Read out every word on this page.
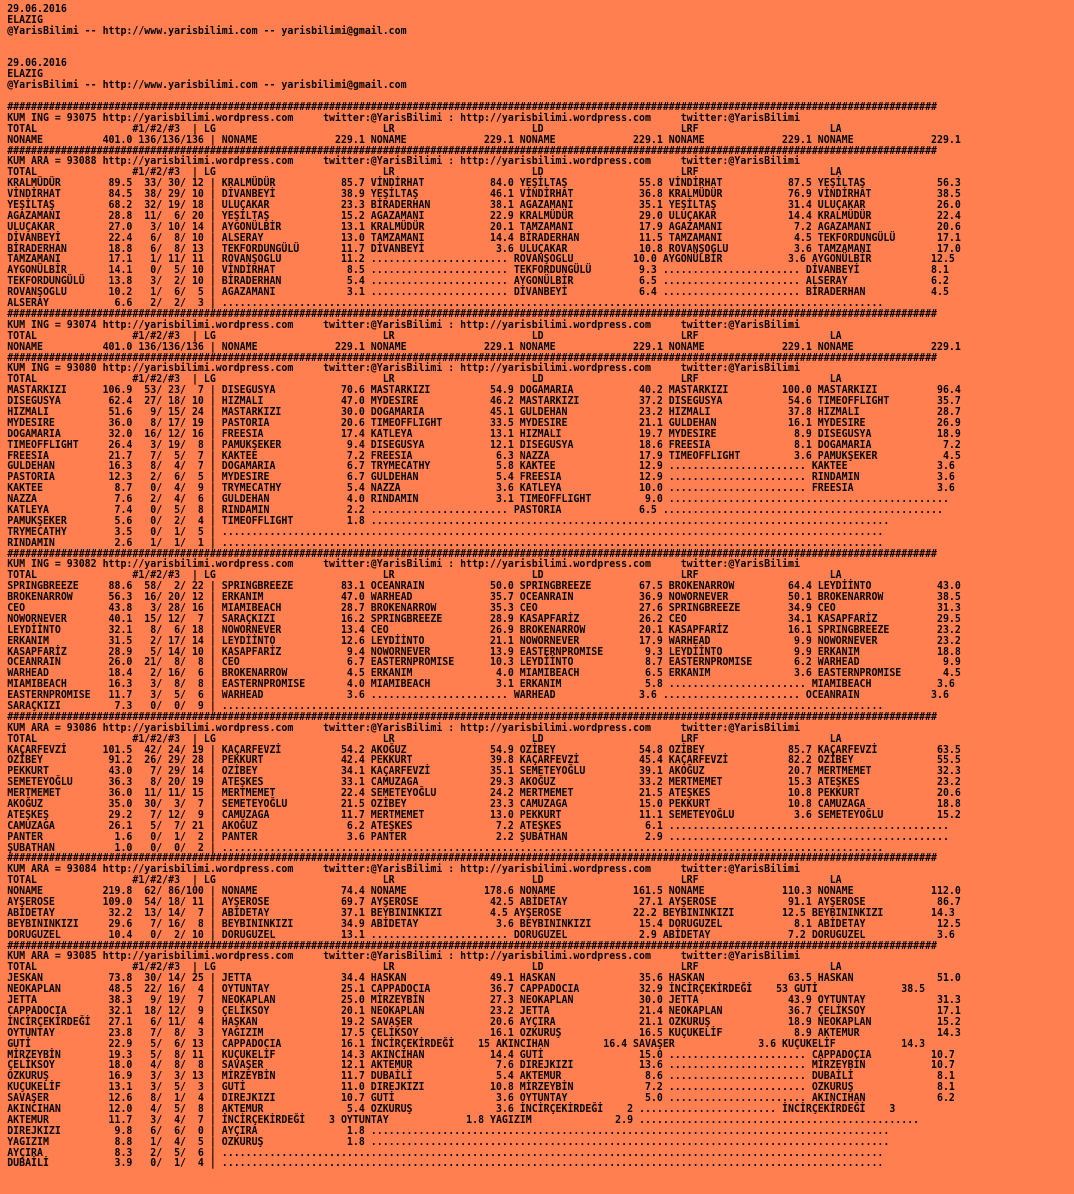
29.06.2016
ELAZIG
@YarisBilimi -- http://www.yarisbilimi.com -- yarisbilimi@gmail.com

29.06.2016
ELAZIG
@YarisBilimi -- http://www.yarisbilimi.com -- yarisbilimi@gmail.com

############################################################################################################################################################
KUM ING = 93075 http://yarisbilimi.wordpress.com     twitter:@YarisBilimi : http://yarisbilimi.wordpress.com     twitter:@YarisBilimi
TOTAL                #1/#2/#3  | LG                            LR                       LD                       LRF                      LA
NONAME          401.0 136/136/136 | NONAME             229.1 NONAME             229.1 NONAME             229.1 NONAME             229.1 NONAME             229.1
############################################################################################################################################################
KUM ARA = 93088 http://yarisbilimi.wordpress.com     twitter:@YarisBilimi : http://yarisbilimi.wordpress.com     twitter:@YarisBilimi
TOTAL                #1/#2/#3  | LG                            LR                       LD                       LRF                      LA
KRALMÜDÜR        89.5  33/ 30/ 12 | KRALMÜDÜR           85.7 VİNDİRHAT           84.0 YEŞİLTAŞ            55.8 VİNDİRHAT           87.5 YEŞİLTAŞ            56.3
VİNDİRHAT        84.5  38/ 29/ 10 | DİVANBEYİ           38.9 YEŞİLTAŞ            46.1 VİNDİRHAT           36.8 KRALMÜDÜR           76.9 VİNDİRHAT           38.5
YEŞİLTAŞ         68.2  32/ 19/ 18 | ULUÇAKAR            23.3 BİRADERHAN          38.1 AGAZAMANI           35.1 YEŞİLTAŞ            31.4 ULUÇAKAR            26.0
AGAZAMANI        28.8  11/  6/ 20 | YEŞİLTAŞ            15.2 AGAZAMANI           22.9 KRALMÜDÜR           29.0 ULUÇAKAR            14.4 KRALMÜDÜR           22.4
ULUÇAKAR         27.0   3/ 10/ 14 | AYGONÜLBİR          13.1 KRALMÜDÜR           20.1 TAMZAMANI           17.9 AGAZAMANI            7.2 AGAZAMANI           20.6
DİVANBEYİ        22.4   6/  8/ 10 | ALSERAY             13.0 TAMZAMANI           14.4 BİRADERHAN          11.5 TAMZAMANI            4.5 TEKFORDUNGÜLÜ       17.1
BİRADERHAN       18.8   6/  8/ 13 | TEKFORDUNGÜLÜ       11.7 DİVANBEYİ            3.6 ULUÇAKAR            10.8 ROVANŞOGLU           3.6 TAMZAMANI           17.0
TAMZAMANI        17.1   1/ 11/ 11 | ROVANŞOGLU          11.2 ....................... ROVANŞOGLU          10.0 AYGONÜLBİR           3.6 AYGONÜLBİR          12.5
AYGONÜLBİR       14.1   0/  5/ 10 | VİNDİRHAT            8.5 ....................... TEKFORDUNGÜLÜ        9.3 ....................... DİVANBEYİ            8.1
TEKFORDUNGÜLÜ    13.8   3/  2/ 10 | BİRADERHAN           5.4 ....................... AYGONÜLBİR           6.5 ....................... ALSERAY              6.2
ROVANŞOGLU       10.2   1/  6/  5 | AGAZAMANI            3.1 ....................... DİVANBEYİ            6.4 ....................... BİRADERHAN           4.5
ALSERAY           6.6   2/  2/  3 | ...............................................................................................................
############################################################################################################################################################
KUM ING = 93074 http://yarisbilimi.wordpress.com     twitter:@YarisBilimi : http://yarisbilimi.wordpress.com     twitter:@YarisBilimi
TOTAL                #1/#2/#3  | LG                            LR                       LD                       LRF                      LA
NONAME          401.0 136/136/136 | NONAME             229.1 NONAME             229.1 NONAME             229.1 NONAME             229.1 NONAME             229.1
############################################################################################################################################################
KUM ING = 93080 http://yarisbilimi.wordpress.com     twitter:@YarisBilimi : http://yarisbilimi.wordpress.com     twitter:@YarisBilimi
TOTAL                #1/#2/#3  | LG                            LR                       LD                       LRF                      LA
MASTARKIZI      106.9  53/ 23/  7 | DISEGUSYA           70.6 MASTARKIZI          54.9 DOGAMARIA           40.2 MASTARKIZI         100.0 MASTARKIZI          96.4
DISEGUSYA        62.4  27/ 18/ 10 | HIZMALI             47.0 MYDESIRE            46.2 MASTARKIZI          37.2 DISEGUSYA           54.6 TIMEOFFLIGHT        35.7
HIZMALI          51.6   9/ 15/ 24 | MASTARKIZI          30.0 DOGAMARIA           45.1 GULDEHAN            23.2 HIZMALI             37.8 HIZMALI             28.7
MYDESIRE         36.0   8/ 17/ 19 | PASTORIA            20.6 TIMEOFFLIGHT        33.5 MYDESIRE            21.1 GULDEHAN            16.1 MYDESIRE            26.9
DOGAMARIA        32.0  16/ 12/ 16 | FREESIA             17.4 KATLEYA             13.1 HIZMALI             19.7 MYDESIRE             8.9 DISEGUSYA           18.9
TIMEOFFLIGHT     26.4   3/ 19/  8 | PAMUKŞEKER           9.4 DISEGUSYA           12.1 DISEGUSYA           18.6 FREESIA              8.1 DOGAMARIA            7.2
FREESIA          21.7   7/  5/  7 | KAKTEE               7.2 FREESIA              6.3 NAZZA               17.9 TIMEOFFLIGHT         3.6 PAMUKŞEKER           4.5
GULDEHAN         16.3   8/  4/  7 | DOGAMARIA            6.7 TRYMECATHY           5.8 KAKTEE              12.9 ....................... KAKTEE               3.6
PASTORIA         12.3   2/  6/  5 | MYDESIRE             6.7 GULDEHAN             5.4 FREESIA             12.9 ....................... RINDAMIN             3.6
KAKTEE            8.7   0/  4/  9 | TRYMECATHY           5.4 NAZZA                3.6 KATLEYA             10.0 ....................... FREESIA              3.6
NAZZA             7.6   2/  4/  6 | GULDEHAN             4.0 RINDAMIN             3.1 TIMEOFFLIGHT         9.0 ...............................................
KATLEYA           7.4   0/  5/  8 | RINDAMIN             2.2 ....................... PASTORIA             6.5 ...............................................
PAMUKŞEKER        5.6   0/  2/  4 | TIMEOFFLIGHT         1.8 .......................................................................................
TRYMECATHY        3.5   0/  1/  5 | ...............................................................................................................
RINDAMIN          2.6   1/  1/  1 | ...............................................................................................................
############################################################################################################################################################
KUM ING = 93082 http://yarisbilimi.wordpress.com     twitter:@YarisBilimi : http://yarisbilimi.wordpress.com     twitter:@YarisBilimi
TOTAL                #1/#2/#3  | LG                            LR                       LD                       LRF                      LA
SPRINGBREEZE     88.6  58/  2/ 22 | SPRINGBREEZE        83.1 OCEANRAIN           50.0 SPRINGBREEZE        67.5 BROKENARROW         64.4 LEYDİİNTO           43.0
BROKENARROW      56.3  16/ 20/ 12 | ERKANIM             47.0 WARHEAD             35.7 OCEANRAIN           36.9 NOWORNEVER          50.1 BROKENARROW         38.5
CEO              43.8   3/ 28/ 16 | MIAMIBEACH          28.7 BROKENARROW         35.3 CEO                 27.6 SPRINGBREEZE        34.9 CEO                 31.3
NOWORNEVER       40.1  15/ 12/  7 | SARAÇKIZI           16.2 SPRINGBREEZE        28.9 KASAPFARİZ          26.2 CEO                 34.1 KASAPFARİZ          29.5
LEYDİİNTO        32.1   8/  6/ 18 | NOWORNEVER          13.4 CEO                 26.9 BROKENARROW         20.1 KASAPFARİZ          16.1 SPRINGBREEZE        23.2
ERKANIM          31.5   2/ 17/ 14 | LEYDİİNTO           12.6 LEYDİİNTO           21.1 NOWORNEVER          17.9 WARHEAD              9.9 NOWORNEVER          23.2
KASAPFARİZ       28.9   5/ 14/ 10 | KASAPFARİZ           9.4 NOWORNEVER          13.9 EASTERNPROMISE       9.3 LEYDİİNTO            9.9 ERKANIM             18.8
OCEANRAIN        26.0  21/  8/  8 | CEO                  6.7 EASTERNPROMISE      10.3 LEYDİİNTO            8.7 EASTERNPROMISE       6.2 WARHEAD              9.9
WARHEAD          18.4   2/ 16/  6 | BROKENARROW          4.5 ERKANIM              4.0 MIAMIBEACH           6.5 ERKANIM              3.6 EASTERNPROMISE       4.5
MIAMIBEACH       16.3   3/  8/  8 | EASTERNPROMISE       4.0 MIAMIBEACH           3.1 ERKANIM              5.8 ....................... MIAMIBEACH           3.6
EASTERNPROMISE   11.7   3/  5/  6 | WARHEAD              3.6 ....................... WARHEAD              3.6 ....................... OCEANRAIN            3.6
SARAÇKIZI         7.3   0/  0/  9 | ...............................................................................................................
############################################################################################################################################################
KUM ARA = 93086 http://yarisbilimi.wordpress.com     twitter:@YarisBilimi : http://yarisbilimi.wordpress.com     twitter:@YarisBilimi
TOTAL                #1/#2/#3  | LG                            LR                       LD                       LRF                      LA
KAÇARFEVZİ      101.5  42/ 24/ 19 | KAÇARFEVZİ          54.2 AKOĞUZ              54.9 OZİBEY              54.8 OZİBEY              85.7 KAÇARFEVZİ          63.5
OZİBEY           91.2  26/ 29/ 28 | PEKKURT             42.4 PEKKURT             39.8 KAÇARFEVZİ          45.4 KAÇARFEVZİ          82.2 OZİBEY              55.5
PEKKURT          43.0   7/ 29/ 14 | OZİBEY              34.1 KAÇARFEVZİ          35.1 SEMETEYOĞLU         39.1 AKOĞUZ              20.7 MERTMEMET           32.3
SEMETEYOĞLU      36.3   8/ 20/ 19 | ATEŞKES             33.1 CAMUZAGA            29.3 AKOĞUZ              33.2 MERTMEMET           15.3 ATEŞKES             23.2
MERTMEMET        36.0  11/ 11/ 15 | MERTMEMET           22.4 SEMETEYOĞLU         24.2 MERTMEMET           21.5 ATEŞKES             10.8 PEKKURT             20.6
AKOĞUZ           35.0  30/  3/  7 | SEMETEYOĞLU         21.5 OZİBEY              23.3 CAMUZAGA            15.0 PEKKURT             10.8 CAMUZAGA            18.8
ATEŞKEŞ          29.2   7/ 12/  9 | CAMUZAGA            11.7 MERTMEMET           13.0 PEKKURT             11.1 SEMETEYOĞLU          3.6 SEMETEYOĞLU         15.2
CAMUZAGA         26.1   5/  7/ 21 | AKOĞUZ               6.2 ATEŞKES              7.2 ATEŞKES              6.1 ...............................................
PANTER            1.6   0/  1/  2 | PANTER               3.6 PANTER               2.2 ŞUBATHAN             2.9 ...............................................
ŞUBATHAN          1.0   0/  0/  2 | ...............................................................................................................
############################################################################################################################################################
KUM ARA = 93084 http://yarisbilimi.wordpress.com     twitter:@YarisBilimi : http://yarisbilimi.wordpress.com     twitter:@YarisBilimi
TOTAL                #1/#2/#3  | LG                            LR                       LD                       LRF                      LA
NONAME          219.8  62/ 86/100 | NONAME              74.4 NONAME             178.6 NONAME             161.5 NONAME             110.3 NONAME             112.0
AYŞEROSE        109.0  54/ 18/ 11 | AYŞEROSE            69.7 AYŞEROSE            42.5 ABİDETAY            27.1 AYŞEROSE            91.1 AYŞEROSE            86.7
ABİDETAY         32.2  13/ 14/  7 | ABİDETAY            37.1 BEYBININKIZI        4.5 AYŞEROSE            22.2 BEYBININKIZI        12.5 BEYBININKIZI        14.3
BEYBININKIZI     29.6   7/ 16/  8 | BEYBININKIZI        34.9 ABİDETAY             3.6 BEYBININKIZI        15.4 DORUGUZEL            8.1 ABİDETAY            12.5
DORUGUZEL        10.4   0/  2/ 10 | DORUGUZEL           13.1 ....................... DORUGUZEL            2.9 ABİDETAY             7.2 DORUGUZEL            3.6
############################################################################################################################################################
KUM ARA = 93085 http://yarisbilimi.wordpress.com     twitter:@YarisBilimi : http://yarisbilimi.wordpress.com     twitter:@YarisBilimi
TOTAL                #1/#2/#3  | LG                            LR                       LD                       LRF                      LA
JESKAN           73.8  30/ 14/ 25 | JETTA               34.4 HASKAN              49.1 HASKAN              35.6 HASKAN              63.5 HASKAN              51.0
NEOKAPLAN        48.5  22/ 16/  4 | OYTUNTAY            25.1 CAPPADOCIA          36.7 CAPPADOCIA          32.9 İNCİRÇEKİRDEĞİ    53 GUTİ              38.5
JETTA            38.3   9/ 19/  7 | NEOKAPLAN           25.0 MİRZEYBİN           27.3 NEOKAPLAN           30.0 JETTA               43.9 OYTUNTAY            31.3
CAPPADOCIA       32.1  18/ 12/  9 | ÇELİKSOY            20.1 NEOKAPLAN           23.2 JETTA               21.4 NEOKAPLAN           36.7 ÇELİKSOY            17.1
İNCİRÇEKİRDEĞİ   27.1   6/ 11/  4 | HAŞKAN              19.2 SAVAŞER             20.6 AYÇIRA              21.1 OZKURUŞ             18.9 NEOKAPLAN           15.2
OYTUNTAY         23.8   7/  8/  3 | YAGIZIM             17.5 ÇELİKSOY            16.1 OZKURUŞ             16.5 KUÇUKELİF            8.9 AKTEMUR             14.3
GUTİ             22.9   5/  6/ 13 | CAPPADOCIA          16.1 İNCİRÇEKİRDEĞİ    15 AKINCIHAN         16.4 SAVAŞER              3.6 KUÇUKELİF           14.3
MİRZEYBİN        19.3   5/  8/ 11 | KUÇUKELİF           14.3 AKINCIHAN           14.4 GUTİ                15.0 ....................... CAPPADOCIA          10.7
ÇELİKSOY         18.0   4/  8/  8 | SAVAŞER             12.1 AKTEMUR              7.6 DIREJKIZI           13.6 ....................... MİRZEYBİN           10.7
OZKURUŞ          16.9   3/  3/ 13 | MİRZEYBİN           11.7 DUBAİLİ              5.4 AKTEMUR              8.6 ....................... DUBAİLİ              8.1
KUÇUKELİF        13.1   3/  5/  3 | GUTİ                11.0 DIREJKIZI           10.8 MİRZEYBİN            7.2 ....................... OZKURUŞ              8.1
SAVAŞER          12.6   8/  1/  4 | DIREJKIZI           10.7 GUTİ                 3.6 OYTUNTAY             5.0 ....................... AKINCIHAN            6.2
AKINCIHAN        12.0   4/  5/  8 | AKTEMUR              5.4 OZKURUŞ              3.6 İNCİRÇEKİRDEĞİ    2 ....................... İNCİRÇEKİRDEĞİ    3
AKTEMUR          11.7   3/  4/  7 | İNCİRÇEKİRDEĞİ    3 OYTUNTAY             1.8 YAGIZIM              2.9 ...............................................
DIREJKIZI         9.8   6/  6/  0 | AYÇIRA               1.8 .......................................................................................
YAGIZIM           8.8   1/  4/  5 | OZKURUŞ              1.8 .......................................................................................
AYÇIRA            8.3   2/  5/  6 | ...............................................................................................................
DUBAİLİ           3.9   0/  1/  4 | ...............................................................................................................
